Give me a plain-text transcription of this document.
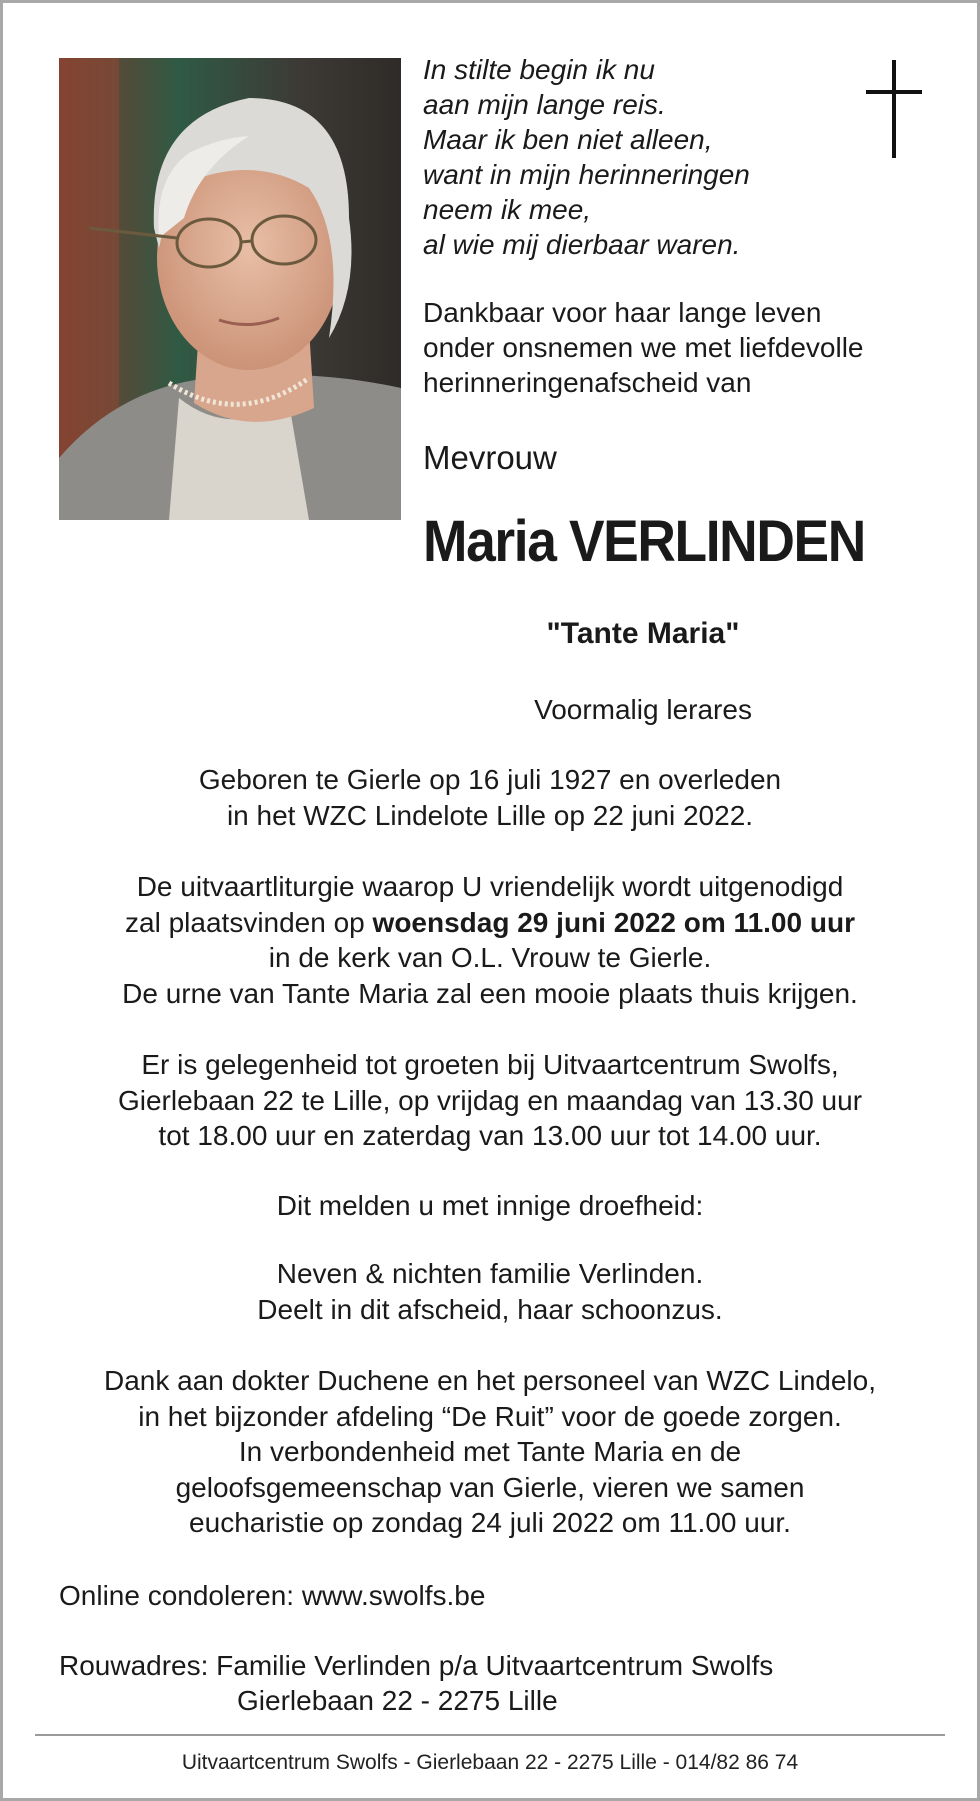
In stilte begin ik nu
aan mijn lange reis.
Maar ik ben niet alleen,
want in mijn herinneringen
neem ik mee,
al wie mij dierbaar waren.
Dankbaar voor haar lange leven
onder onsnemen we met liefdevolle
herinneringenafscheid van
Mevrouw
Maria VERLINDEN
"Tante Maria"
Voormalig lerares
Geboren te Gierle op 16 juli 1927 en overleden
in het WZC Lindelote Lille op 22 juni 2022.
De uitvaartliturgie waarop U vriendelijk wordt uitgenodigd
zal plaatsvinden op woensdag 29 juni 2022 om 11.00 uur
in de kerk van O.L. Vrouw te Gierle.
De urne van Tante Maria zal een mooie plaats thuis krijgen.
Er is gelegenheid tot groeten bij Uitvaartcentrum Swolfs,
Gierlebaan 22 te Lille, op vrijdag en maandag van 13.30 uur
tot 18.00 uur en zaterdag van 13.00 uur tot 14.00 uur.
Dit melden u met innige droefheid:
Neven & nichten familie Verlinden.
Deelt in dit afscheid, haar schoonzus.
Dank aan dokter Duchene en het personeel van WZC Lindelo,
in het bijzonder afdeling “De Ruit” voor de goede zorgen.
In verbondenheid met Tante Maria en de
geloofsgemeenschap van Gierle, vieren we samen
eucharistie op zondag 24 juli 2022 om 11.00 uur.
Online condoleren: www.swolfs.be
Rouwadres: Familie Verlinden p/a Uitvaartcentrum Swolfs
Gierlebaan 22 - 2275 Lille
Uitvaartcentrum Swolfs - Gierlebaan 22 - 2275 Lille - 014/82 86 74
